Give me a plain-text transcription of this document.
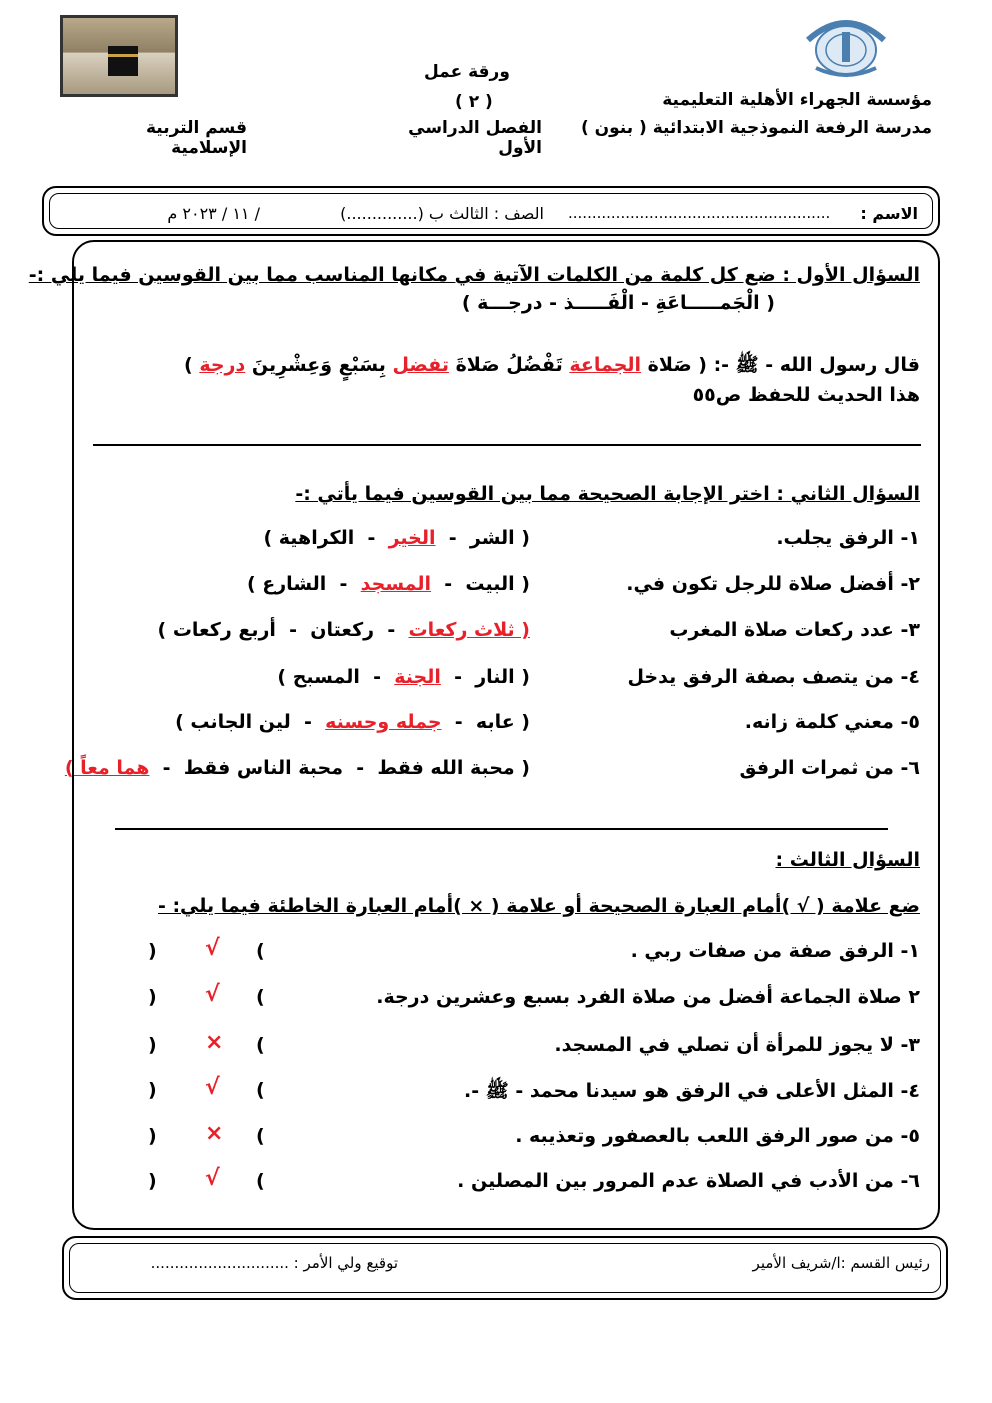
ورقة عمل
( ٢ )	مؤسسة الجهراء الأهلية التعليمية
مدرسة الرفعة النموذجية الابتدائية ( بنون )
الفصل الدراسي الأول
قسم التربية الإسلامية
الاسم :
.......................................................
الصف : الثالث ب (..............)
/ ١١ / ٢٠٢٣ م
السؤال الأول : ضع كل كلمة من الكلمات الآتية في مكانها المناسب مما بين القوسين فيما يلي :-
( الْجَمـــــاعَةِ - الْفَـــــذ - درجـــة )
قال رسول الله - ﷺ -: ( صَلاة الجماعة تَفْضُلُ صَلاةَ تفضل بِسَبْعٍ وَعِشْرِينَ درجة )
هذا الحديث للحفظ ص٥٥
السؤال الثاني : اختر الإجابة الصحيحة مما بين القوسين فيما يأتي :-
١- الرفق يجلب.
( الشر  -  الخير  -  الكراهية )
٢- أفضل صلاة للرجل تكون في.
( البيت  -  المسجد  -  الشارع )
٣- عدد ركعات صلاة المغرب
( ثلاث ركعات  -  ركعتان  -  أربع ركعات )
٤- من يتصف بصفة الرفق يدخل
( النار  -  الجنة  -  المسبح )
٥- معني كلمة زانه.
( عابه  -  جمله وحسنه  -  لين الجانب )
٦- من ثمرات الرفق
( محبة الله فقط  -  محبة الناس فقط  -  هما معاً )
السؤال الثالث :
ضع علامة ( √ )أمام العبارة الصحيحة أو علامة ( × )أمام العبارة الخاطئة فيما يلي: -
١- الرفق صفة من صفات ربي .
) √ (
٢ صلاة الجماعة أفضل من صلاة الفرد بسبع وعشرين درجة.
) √ (
٣- لا يجوز للمرأة أن تصلي في المسجد.
) × (
٤- المثل الأعلى في الرفق هو سيدنا محمد - ﷺ -.
) √ (
٥- من صور الرفق اللعب بالعصفور وتعذيبه .
) × (
٦- من الأدب في الصلاة عدم المرور بين المصلين .
) √ (
رئيس القسم :ا/شريف الأمير
توقيع ولي الأمر : .............................
